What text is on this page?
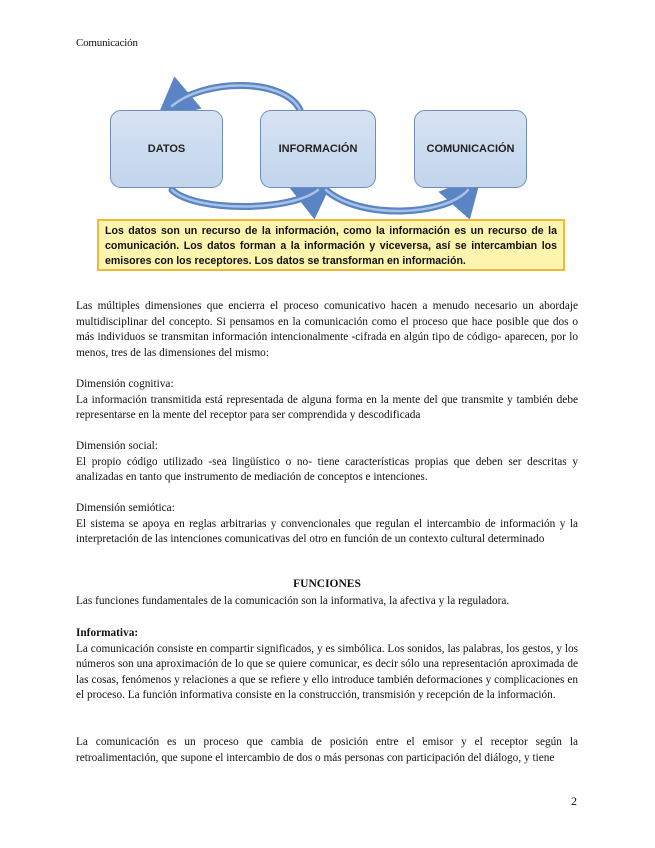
Comunicación
DATOS	INFORMACIÓN	COMUNICACIÓN
Los datos son un recurso de la información, como la información es un recurso de la comunicación. Los datos forman a la información y viceversa, así se intercambian los emisores con los receptores. Los datos se transforman en información.

Las múltiples dimensiones que encierra el proceso comunicativo hacen a menudo necesario un abordaje multidisciplinar del concepto. Si pensamos en la comunicación como el proceso que hace posible que dos o más individuos se transmitan información intencionalmente -cifrada en algún tipo de código- aparecen, por lo menos, tres de las dimensiones del mismo:

Dimensión cognitiva:

La información transmitida está representada de alguna forma en la mente del que transmite y también debe representarse en la mente del receptor para ser comprendida y descodificada

Dimensión social:

El propio código utilizado -sea lingüístico o no- tiene características propias que deben ser descritas y analizadas en tanto que instrumento de mediación de conceptos e intenciones.

Dimensión semiótica:

El sistema se apoya en reglas arbitrarias y convencionales que regulan el intercambio de información y la interpretación de las intenciones comunicativas del otro en función de un contexto cultural determinado

FUNCIONES

Las funciones fundamentales de la comunicación son la informativa, la afectiva y la reguladora.

Informativa:

La comunicación consiste en compartir significados, y es simbólica. Los sonidos, las palabras, los gestos, y los números son una aproximación de lo que se quiere comunicar, es decir sólo una representación aproximada de las cosas, fenómenos y relaciones a que se refiere y ello introduce también deformaciones y complicaciones en el proceso. La función informativa consiste en la construcción, transmisión y recepción de la información.

La comunicación es un proceso que cambia de posición entre el emisor y el receptor según la retroalimentación, que supone el intercambio de dos o más personas con participación del diálogo, y tiene

2
